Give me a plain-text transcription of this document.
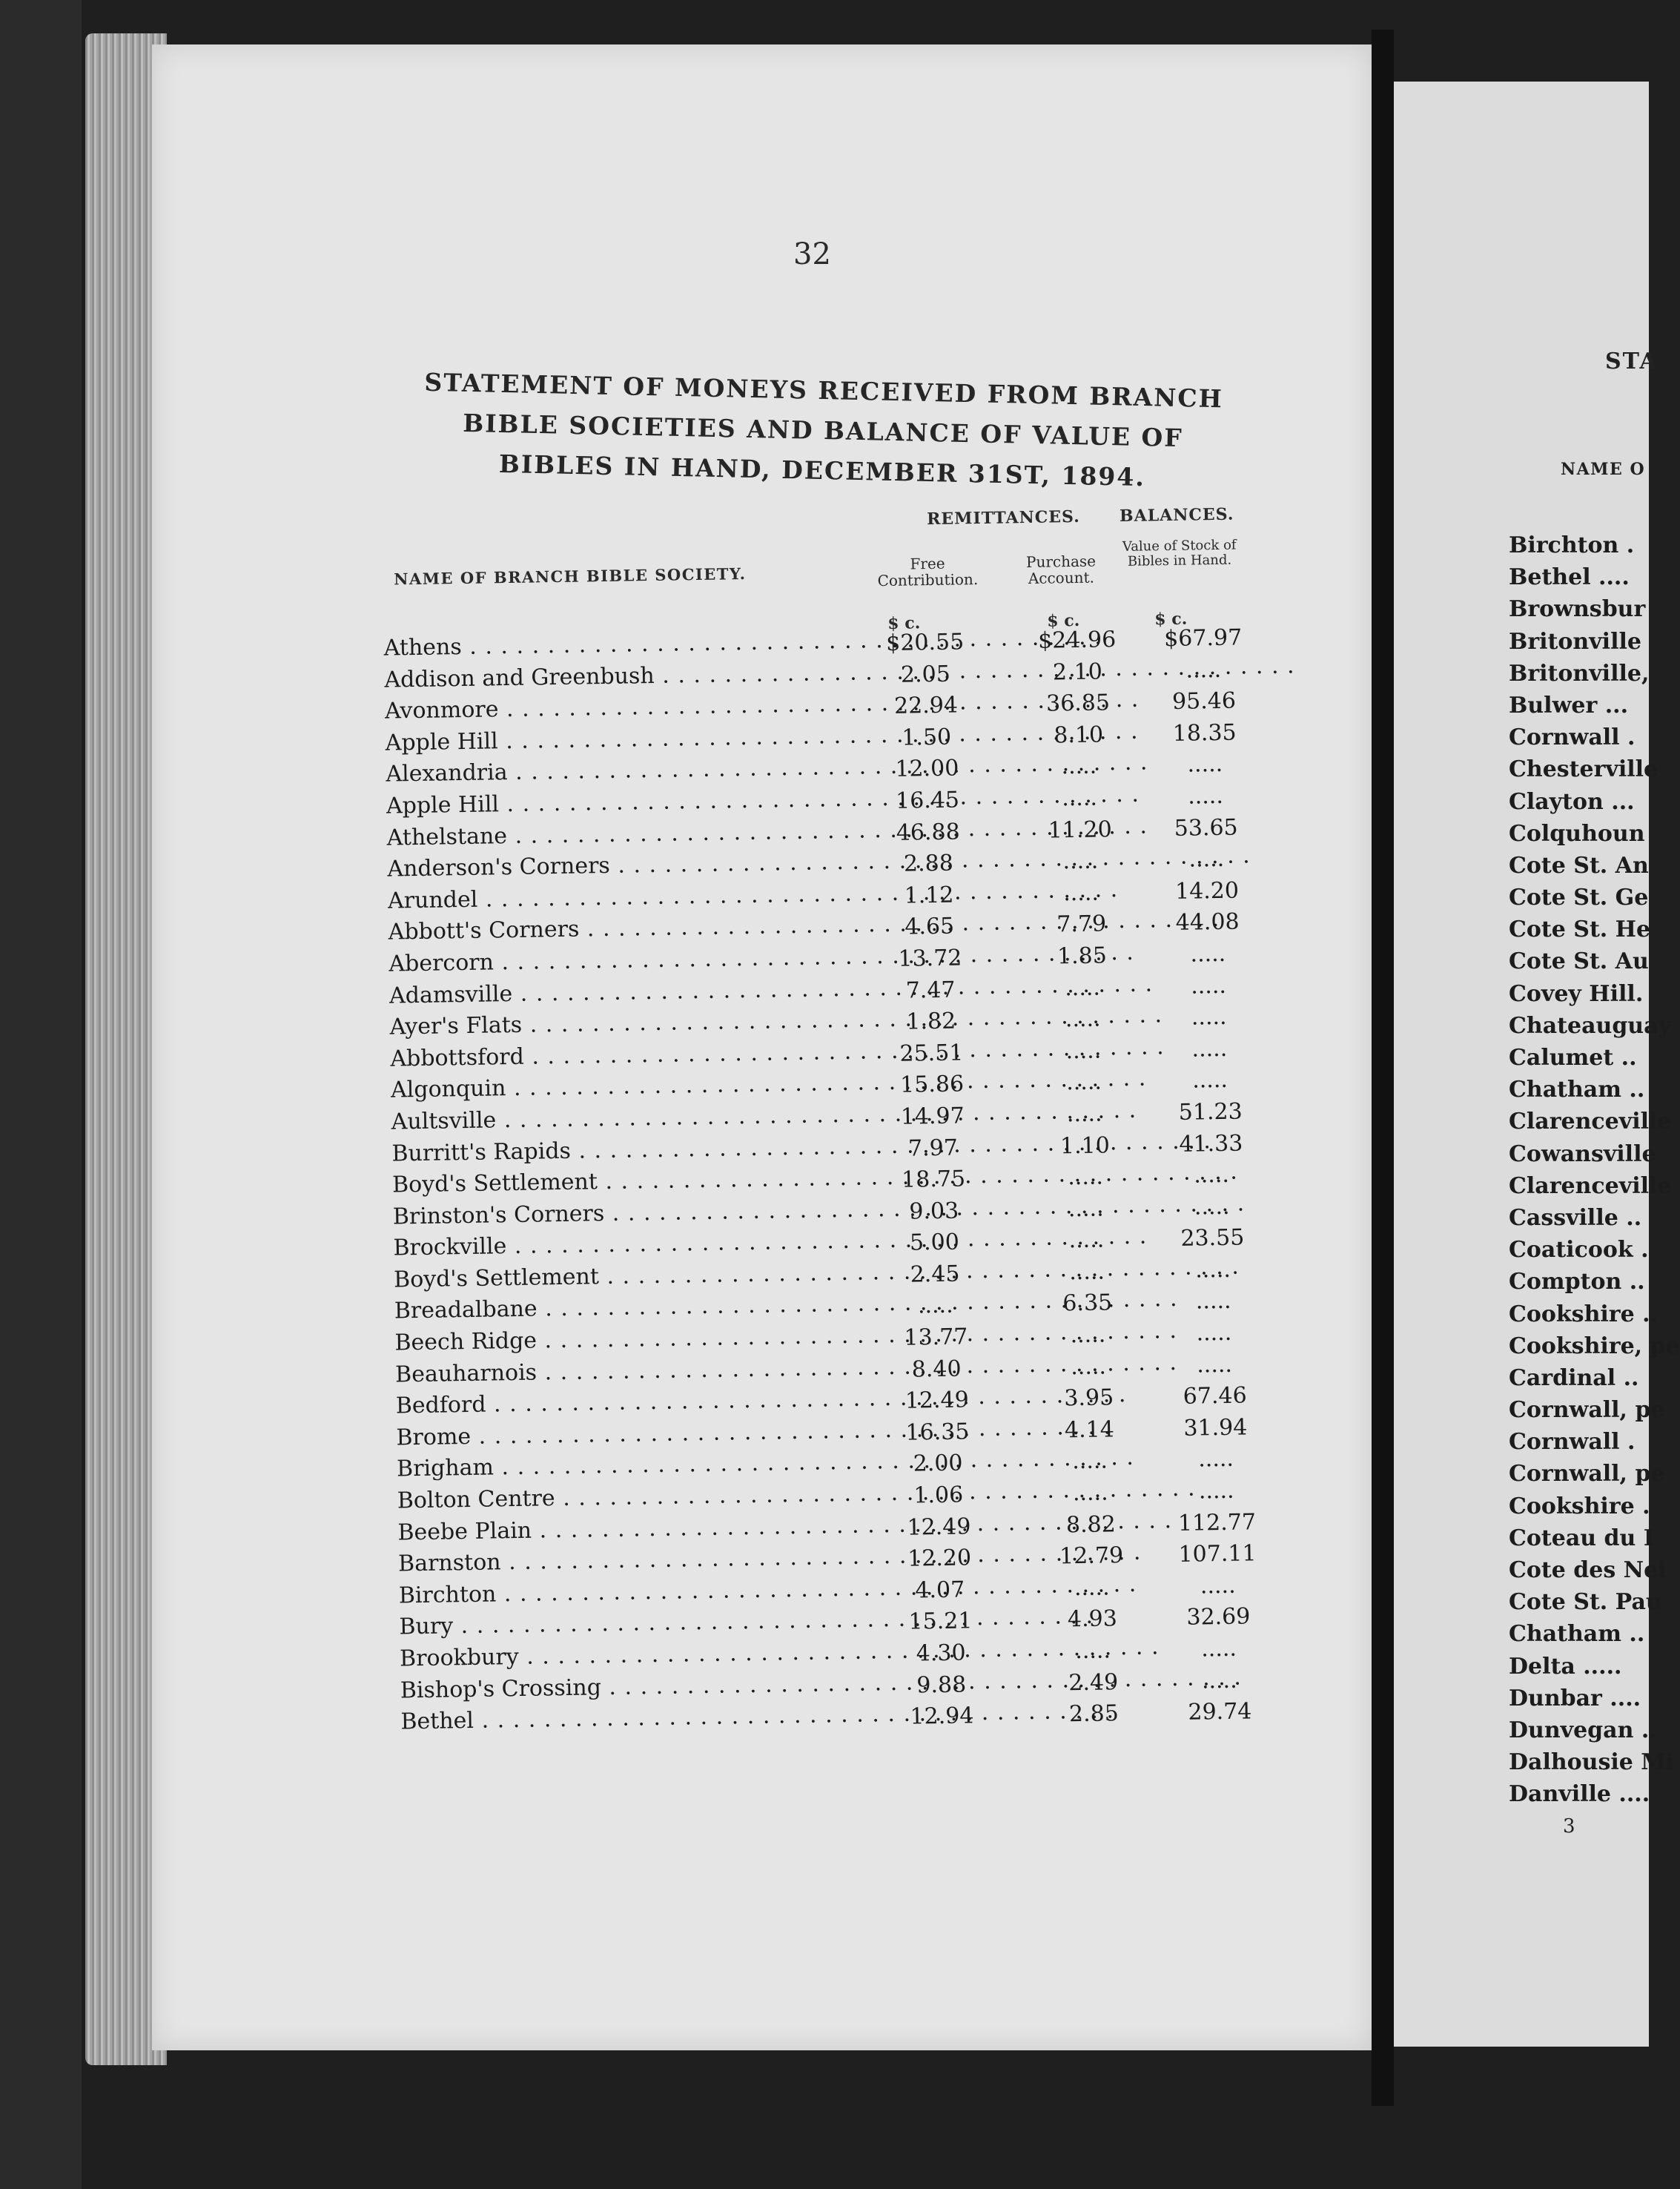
32
STATEMENT OF MONEYS RECEIVED FROM BRANCH
BIBLE SOCIETIES AND BALANCE OF VALUE OF
BIBLES IN HAND, DECEMBER 31ST, 1894.
REMITTANCES. BALANCES.
NAME OF BRANCH BIBLE SOCIETY.
Free Contribution.
Purchase Account.
Value of Stock of Bibles in Hand.
$ c.	$ c.	$ c.
Athens . . .	$20.55	$24.96	$67.97
Addison and Greenbush . . .	2.05	2.10	.....
Avonmore . . .	22.94	36.85	95.46
Apple Hill . . .	1.50	8.10	18.35
Alexandria . . .	12.00	.....	.....
Apple Hill . . .	16.45	.....	.....
Athelstane . . .	46.88	11.20	53.65
Anderson's Corners . . .	2.88	.....	.....
Arundel . . .	1.12	.....	14.20
Abbott's Corners . . .	4.65	7.79	44.08
Abercorn . . .	13.72	1.85	.....
Adamsville . . .	7.47	.....	.....
Ayer's Flats . . .	1.82	.....	.....
Abbottsford . . .	25.51	.....	.....
Algonquin . . .	15.86	.....	.....
Aultsville . . .	14.97	.....	51.23
Burritt's Rapids . . .	7.97	1.10	41.33
Boyd's Settlement . . .	18.75	.....	.....
Brinston's Corners . . .	9.03	.....	.....
Brockville . . .	5.00	.....	23.55
Boyd's Settlement . . .	2.45	.....	.....
Breadalbane . . .	.....	6.35	.....
Beech Ridge . . .	13.77	.....	.....
Beauharnois . . .	8.40	.....	.....
Bedford . . .	12.49	3.95	67.46
Brome . . .	16.35	4.14	31.94
Brigham . . .	2.00	.....	.....
Bolton Centre . . .	1.06	.....	.....
Beebe Plain . . .	12.49	8.82	112.77
Barnston . . .	12.20	12.79	107.11
Birchton . . .	4.07	.....	.....
Bury . . .	15.21	4.93	32.69
Brookbury . . .	4.30	.....	.....
Bishop's Crossing . . .	9.88	2.49	.....
Bethel . . .	12.94	2.85	29.74
STA
NAME O
Birchton .
Bethel ....
Brownsbur
Britonville
Britonville,
Bulwer ...
Cornwall .
Chesterville
Clayton ...
Colquhoun
Cote St. An
Cote St. Ge
Cote St. He
Cote St. Au
Covey Hill.
Chateauguay
Calumet ..
Chatham ..
Clarenceville
Cowansville
Clarenceville
Cassville ..
Coaticook .
Compton ..
Cookshire ..
Cookshire, pe
Cardinal ..
Cornwall, pe
Cornwall .
Cornwall, pe
Cookshire .
Coteau du I
Cote des Nei
Cote St. Pau
Chatham ..
Delta .....
Dunbar ....
Dunvegan ..
Dalhousie Mi
Danville ....
3
